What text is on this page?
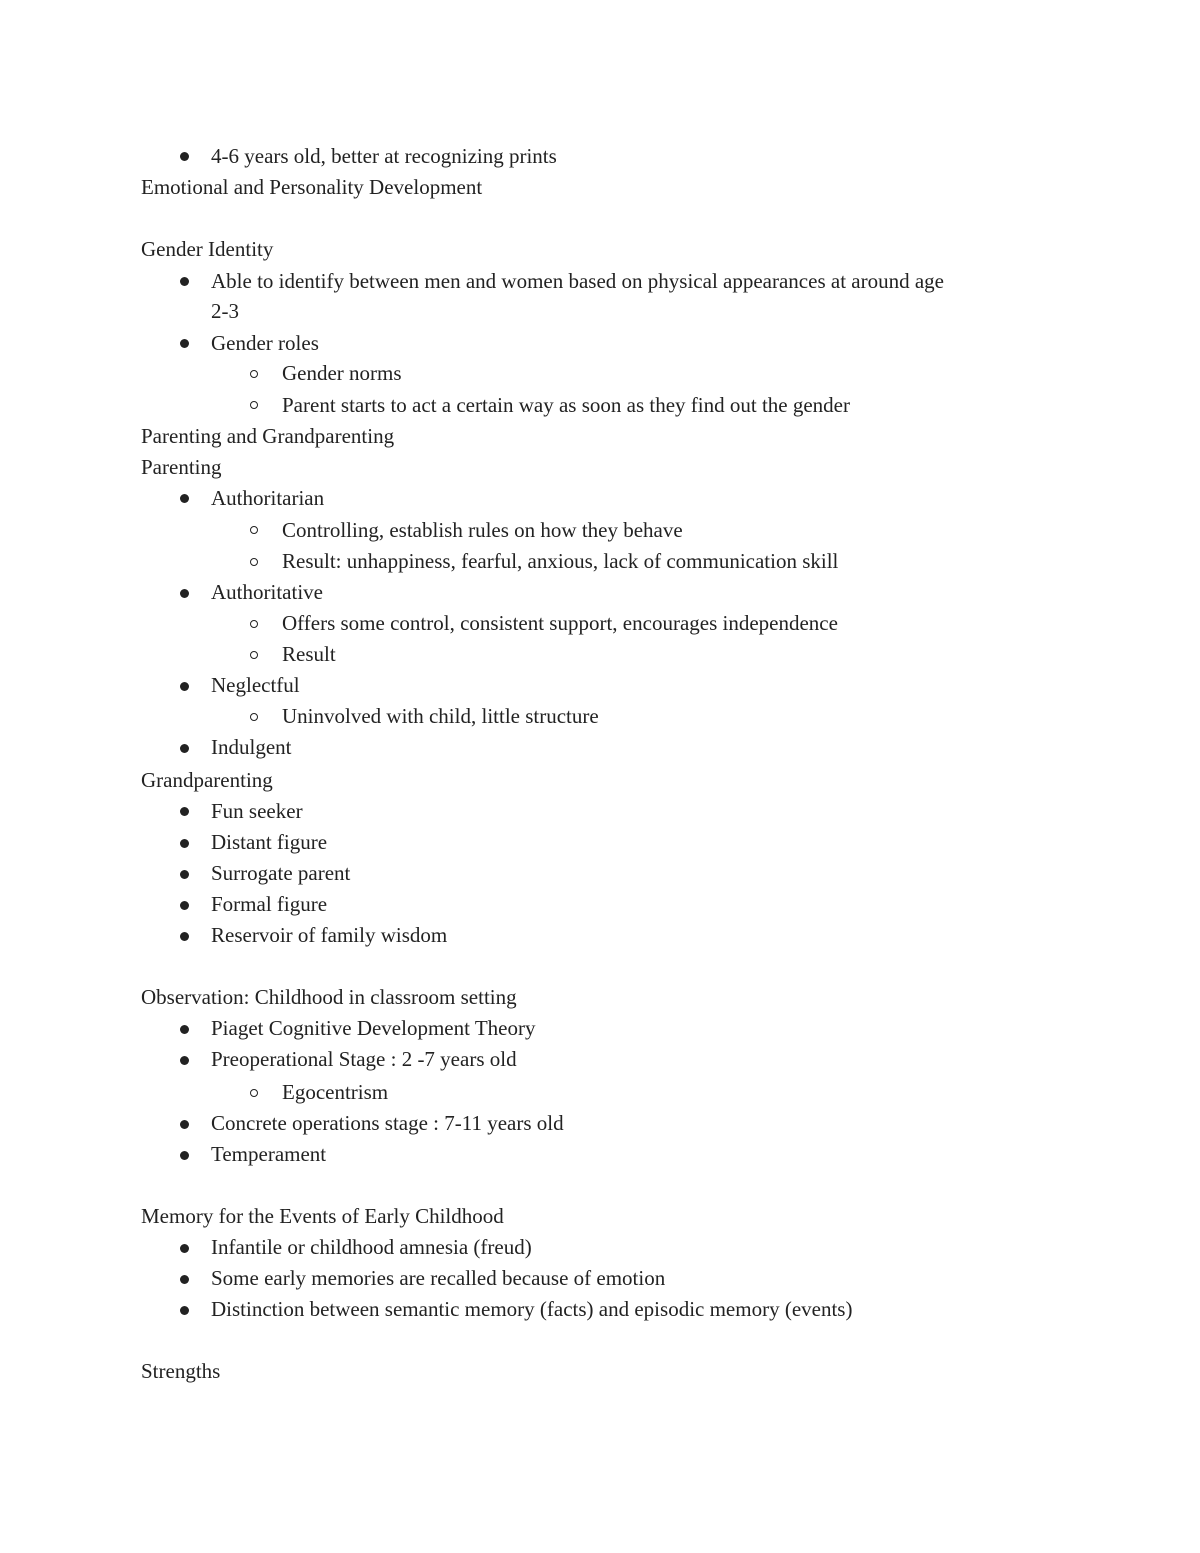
4-6 years old, better at recognizing prints
Emotional and Personality Development
Gender Identity
Able to identify between men and women based on physical appearances at around age
2-3
Gender roles
Gender norms
Parent starts to act a certain way as soon as they find out the gender
Parenting and Grandparenting
Parenting
Authoritarian
Controlling, establish rules on how they behave
Result: unhappiness, fearful, anxious, lack of communication skill
Authoritative
Offers some control, consistent support, encourages independence
Result
Neglectful
Uninvolved with child, little structure
Indulgent
Grandparenting
Fun seeker
Distant figure
Surrogate parent
Formal figure
Reservoir of family wisdom
Observation: Childhood in classroom setting
Piaget Cognitive Development Theory
Preoperational Stage : 2 -7 years old
Egocentrism
Concrete operations stage : 7-11 years old
Temperament
Memory for the Events of Early Childhood
Infantile or childhood amnesia (freud)
Some early memories are recalled because of emotion
Distinction between semantic memory (facts) and episodic memory (events)
Strengths
